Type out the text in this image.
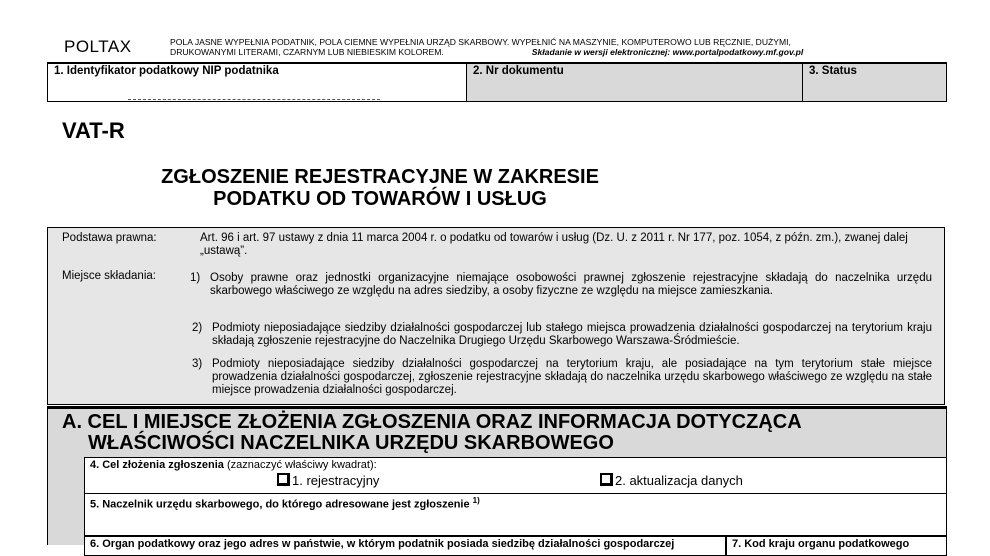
POLTAX	POLA JASNE WYPEŁNIA PODATNIK, POLA CIEMNE WYPEŁNIA URZĄD SKARBOWY. WYPEŁNIĆ NA MASZYNIE, KOMPUTEROWO LUB RĘCZNIE, DUŻYMI,
DRUKOWANYMI LITERAMI, CZARNYM LUB NIEBIESKIM KOLOREM.	Składanie w wersji elektronicznej: www.portalpodatkowy.mf.gov.pl
1. Identyfikator podatkowy NIP podatnika	2. Nr dokumentu	3. Status
VAT-R
ZGŁOSZENIE REJESTRACYJNE W ZAKRESIE
PODATKU OD TOWARÓW I USŁUG
Podstawa prawna:	Art. 96 i art. 97 ustawy z dnia 11 marca 2004 r. o podatku od towarów i usług (Dz. U. z 2011 r. Nr 177, poz. 1054, z późn. zm.), zwanej dalej „ustawą”.
Miejsce składania:	1) Osoby prawne oraz jednostki organizacyjne niemające osobowości prawnej zgłoszenie rejestracyjne składają do naczelnika urzędu skarbowego właściwego ze względu na adres siedziby, a osoby fizyczne ze względu na miejsce zamieszkania.
2) Podmioty nieposiadające siedziby działalności gospodarczej lub stałego miejsca prowadzenia działalności gospodarczej na terytorium kraju składają zgłoszenie rejestracyjne do Naczelnika Drugiego Urzędu Skarbowego Warszawa-Śródmieście.
3) Podmioty nieposiadające siedziby działalności gospodarczej na terytorium kraju, ale posiadające na tym terytorium stałe miejsce prowadzenia działalności gospodarczej, zgłoszenie rejestracyjne składają do naczelnika urzędu skarbowego właściwego ze względu na stałe miejsce prowadzenia działalności gospodarczej.
A. CEL I MIEJSCE ZŁOŻENIA ZGŁOSZENIA ORAZ INFORMACJA DOTYCZĄCA
WŁAŚCIWOŚCI NACZELNIKA URZĘDU SKARBOWEGO
4. Cel złożenia zgłoszenia (zaznaczyć właściwy kwadrat):
1. rejestracyjny	2. aktualizacja danych
5. Naczelnik urzędu skarbowego, do którego adresowane jest zgłoszenie $^{1)}$
6. Organ podatkowy oraz jego adres w państwie, w którym podatnik posiada siedzibę działalności gospodarczej	7. Kod kraju organu podatkowego
